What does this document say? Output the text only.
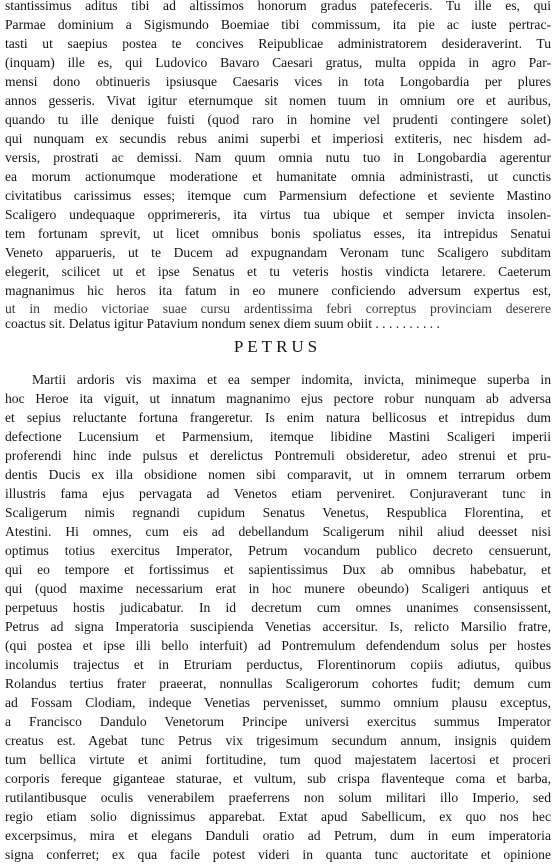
stantissimus aditus tibi ad altissimos honorum gradus patefeceris. Tu ille es, qui
Parmae dominium a Sigismundo Boemiae tibi commissum, ita pie ac iuste pertrac-
tasti ut saepius postea te concives Reipublicae administratorem desideraverint. Tu
(inquam) ille es, qui Ludovico Bavaro Caesari gratus, multa oppida in agro Par-
mensi dono obtinueris ipsiusque Caesaris vices in tota Longobardia per plures
annos gesseris. Vivat igitur eternumque sit nomen tuum in omnium ore et auribus,
quando tu ille denique fuisti (quod raro in homine vel prudenti contingere solet)
qui nunquam ex secundis rebus animi superbi et imperiosi extiteris, nec hisdem ad-
versis, prostrati ac demissi. Nam quum omnia nutu tuo in Longobardia agerentur
ea morum actionumque moderatione et humanitate omnia administrasti, ut cunctis
civitatibus carissimus esses; itemque cum Parmensium defectione et seviente Mastino
Scaligero undequaque opprimereris, ita virtus tua ubique et semper invicta insolen-
tem fortunam sprevit, ut licet omnibus bonis spoliatus esses, ita intrepidus Senatui
Veneto apparueris, ut te Ducem ad expugnandam Veronam tunc Scaligero subditam
elegerit, scilicet ut et ipse Senatus et tu veteris hostis vindicta letarere. Caeterum
magnanimus hic heros ita fatum in eo munere conficiendo adversum expertus est,
ut in medio victoriae suae cursu ardentissima febri correptus provinciam deserere
coactus sit. Delatus igitur Patavium nondum senex diem suum obiit . . . . . . . . . .
PETRUS
Martii ardoris vis maxima et ea semper indomita, invicta, minimeque superba in
hoc Heroe ita viguit, ut innatum magnanimo ejus pectore robur nunquam ab adversa
et sepius reluctante fortuna frangeretur. Is enim natura bellicosus et intrepidus dum
defectione Lucensium et Parmensium, itemque libidine Mastini Scaligeri imperii
proferendi hinc inde pulsus et derelictus Pontremuli obsideretur, adeo strenui et pru-
dentis Ducis ex illa obsidione nomen sibi comparavit, ut in omnem terrarum orbem
illustris fama ejus pervagata ad Venetos etiam perveniret. Conjuraverant tunc in
Scaligerum nimis regnandi cupidum Senatus Venetus, Respublica Florentina, et
Atestini. Hi omnes, cum eis ad debellandum Scaligerum nihil aliud deesset nisi
optimus totius exercitus Imperator, Petrum vocandum publico decreto censuerunt,
qui eo tempore et fortissimus et sapientissimus Dux ab omnibus habebatur, et
qui (quod maxime necessarium erat in hoc munere obeundo) Scaligeri antiquus et
perpetuus hostis judicabatur. In id decretum cum omnes unanimes consensissent,
Petrus ad signa Imperatoria suscipienda Venetias accersitur. Is, relicto Marsilio fratre,
(qui postea et ipse illi bello interfuit) ad Pontremulum defendendum solus per hostes
incolumis trajectus et in Etruriam perductus, Florentinorum copiis adiutus, quibus
Rolandus tertius frater praeerat, nonnullas Scaligerorum cohortes fudit; demum cum
ad Fossam Clodiam, indeque Venetias pervenisset, summo omnium plausu exceptus,
a Francisco Dandulo Venetorum Principe universi exercitus summus Imperator
creatus est. Agebat tunc Petrus vix trigesimum secundum annum, insignis quidem
tum bellica virtute et animi fortitudine, tum quod majestatem lacertosi et proceri
corporis fereque giganteae staturae, et vultum, sub crispa flaventeque coma et barba,
rutilantibusque oculis venerabilem praeferrens non solum militari illo Imperio, sed
regio etiam solio dignissimus apparebat. Extat apud Sabellicum, ex quo nos hec
excerpsimus, mira et elegans Danduli oratio ad Petrum, dum in eum imperatoria
signa conferret; ex qua facile potest videri in quanta tunc auctoritate et opinione
